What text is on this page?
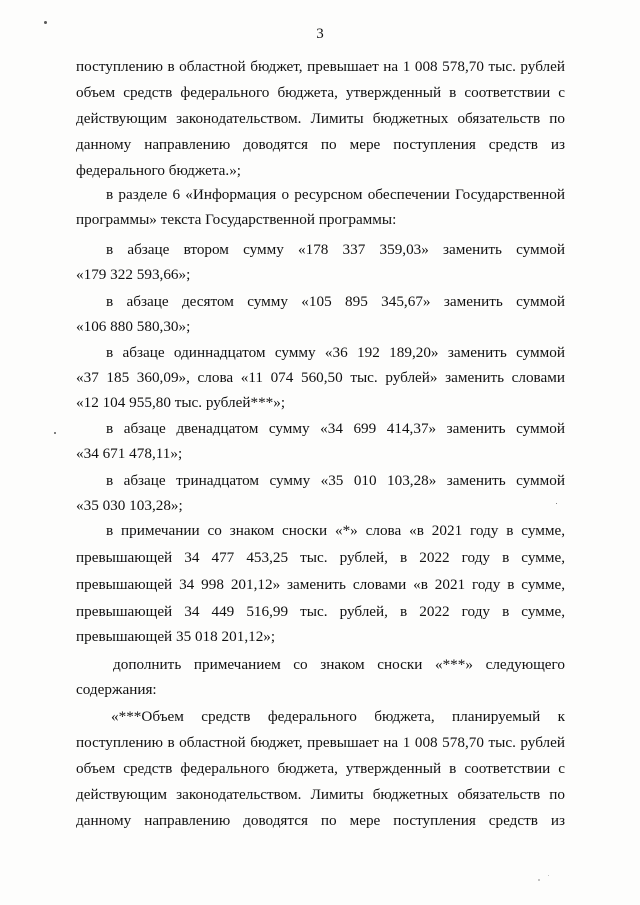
3
поступлению в областной бюджет, превышает на 1 008 578,70 тыс. рублей
объем средств федерального бюджета, утвержденный в соответствии с
действующим законодательством. Лимиты бюджетных обязательств по
данному направлению доводятся по мере поступления средств из
федерального бюджета.»;
в разделе 6 «Информация о ресурсном обеспечении Государственной
программы» текста Государственной программы:
в абзаце втором сумму «178 337 359,03» заменить суммой
«179 322 593,66»;
в абзаце десятом сумму «105 895 345,67» заменить суммой
«106 880 580,30»;
в абзаце одиннадцатом сумму «36 192 189,20» заменить суммой
«37 185 360,09», слова «11 074 560,50 тыс. рублей» заменить словами
«12 104 955,80 тыс. рублей***»;
в абзаце двенадцатом сумму «34 699 414,37» заменить суммой
«34 671 478,11»;
в абзаце тринадцатом сумму «35 010 103,28» заменить суммой
«35 030 103,28»;
в примечании со знаком сноски «*» слова «в 2021 году в сумме,
превышающей 34 477 453,25 тыс. рублей, в 2022 году в сумме,
превышающей 34 998 201,12» заменить словами «в 2021 году в сумме,
превышающей 34 449 516,99 тыс. рублей, в 2022 году в сумме,
превышающей 35 018 201,12»;
дополнить примечанием со знаком сноски «***» следующего
содержания:
«***Объем средств федерального бюджета, планируемый к
поступлению в областной бюджет, превышает на 1 008 578,70 тыс. рублей
объем средств федерального бюджета, утвержденный в соответствии с
действующим законодательством. Лимиты бюджетных обязательств по
данному направлению доводятся по мере поступления средств из
